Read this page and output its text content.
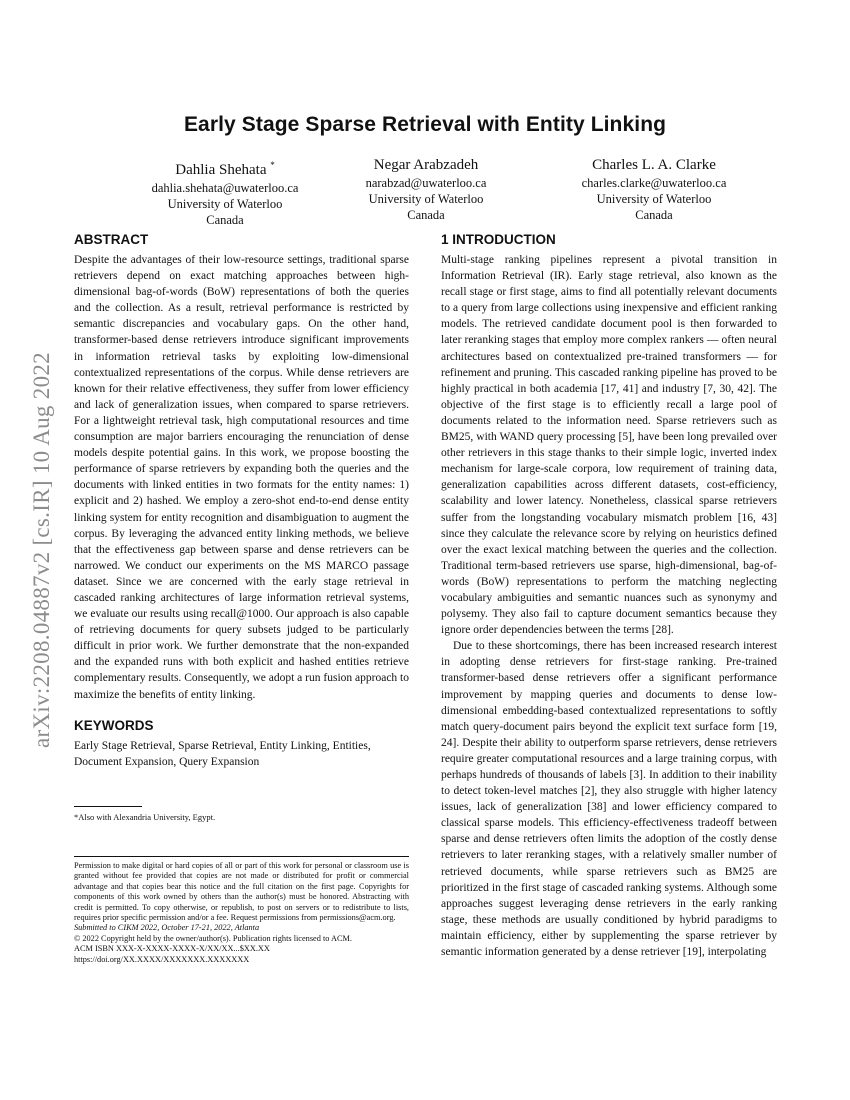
arXiv:2208.04887v2 [cs.IR] 10 Aug 2022
Early Stage Sparse Retrieval with Entity Linking
Dahlia Shehata *
dahlia.shehata@uwaterloo.ca
University of Waterloo
Canada
Negar Arabzadeh
narabzad@uwaterloo.ca
University of Waterloo
Canada
Charles L. A. Clarke
charles.clarke@uwaterloo.ca
University of Waterloo
Canada
ABSTRACT

Despite the advantages of their low-resource settings, traditional sparse retrievers depend on exact matching approaches between high-dimensional bag-of-words (BoW) representations of both the queries and the collection. As a result, retrieval performance is restricted by semantic discrepancies and vocabulary gaps. On the other hand, transformer-based dense retrievers introduce significant improvements in information retrieval tasks by exploiting low-dimensional contextualized representations of the corpus. While dense retrievers are known for their relative effectiveness, they suffer from lower efficiency and lack of generalization issues, when compared to sparse retrievers. For a lightweight retrieval task, high computational resources and time consumption are major barriers encouraging the renunciation of dense models despite potential gains. In this work, we propose boosting the performance of sparse retrievers by expanding both the queries and the documents with linked entities in two formats for the entity names: 1) explicit and 2) hashed. We employ a zero-shot end-to-end dense entity linking system for entity recognition and disambiguation to augment the corpus. By leveraging the advanced entity linking methods, we believe that the effectiveness gap between sparse and dense retrievers can be narrowed. We conduct our experiments on the MS MARCO passage dataset. Since we are concerned with the early stage retrieval in cascaded ranking architectures of large information retrieval systems, we evaluate our results using recall@1000. Our approach is also capable of retrieving documents for query subsets judged to be particularly difficult in prior work. We further demonstrate that the non-expanded and the expanded runs with both explicit and hashed entities retrieve complementary results. Consequently, we adopt a run fusion approach to maximize the benefits of entity linking.

KEYWORDS

Early Stage Retrieval, Sparse Retrieval, Entity Linking, Entities, Document Expansion, Query Expansion

*Also with Alexandria University, Egypt.

Permission to make digital or hard copies of all or part of this work for personal or classroom use is granted without fee provided that copies are not made or distributed for profit or commercial advantage and that copies bear this notice and the full citation on the first page. Copyrights for components of this work owned by others than the author(s) must be honored. Abstracting with credit is permitted. To copy otherwise, or republish, to post on servers or to redistribute to lists, requires prior specific permission and/or a fee. Request permissions from permissions@acm.org.

Submitted to CIKM 2022, October 17-21, 2022, Atlanta

© 2022 Copyright held by the owner/author(s). Publication rights licensed to ACM.

ACM ISBN XXX-X-XXXX-XXXX-X/XX/XX...$XX.XX

https://doi.org/XX.XXXX/XXXXXXX.XXXXXXX

1 INTRODUCTION

Multi-stage ranking pipelines represent a pivotal transition in Information Retrieval (IR). Early stage retrieval, also known as the recall stage or first stage, aims to find all potentially relevant documents to a query from large collections using inexpensive and efficient ranking models. The retrieved candidate document pool is then forwarded to later reranking stages that employ more complex rankers — often neural architectures based on contextualized pre-trained transformers — for refinement and pruning. This cascaded ranking pipeline has proved to be highly practical in both academia [17, 41] and industry [7, 30, 42]. The objective of the first stage is to efficiently recall a large pool of documents related to the information need. Sparse retrievers such as BM25, with WAND query processing [5], have been long prevailed over other retrievers in this stage thanks to their simple logic, inverted index mechanism for large-scale corpora, low requirement of training data, generalization capabilities across different datasets, cost-efficiency, scalability and lower latency. Nonetheless, classical sparse retrievers suffer from the longstanding vocabulary mismatch problem [16, 43] since they calculate the relevance score by relying on heuristics defined over the exact lexical matching between the queries and the collection. Traditional term-based retrievers use sparse, high-dimensional, bag-of-words (BoW) representations to perform the matching neglecting vocabulary ambiguities and semantic nuances such as synonymy and polysemy. They also fail to capture document semantics because they ignore order dependencies between the terms [28].

Due to these shortcomings, there has been increased research interest in adopting dense retrievers for first-stage ranking. Pre-trained transformer-based dense retrievers offer a significant performance improvement by mapping queries and documents to dense low-dimensional embedding-based contextualized representations to softly match query-document pairs beyond the explicit text surface form [19, 24]. Despite their ability to outperform sparse retrievers, dense retrievers require greater computational resources and a large training corpus, with perhaps hundreds of thousands of labels [3]. In addition to their inability to detect token-level matches [2], they also struggle with higher latency issues, lack of generalization [38] and lower efficiency compared to classical sparse models. This efficiency-effectiveness tradeoff between sparse and dense retrievers often limits the adoption of the costly dense retrievers to later reranking stages, with a relatively smaller number of retrieved documents, while sparse retrievers such as BM25 are prioritized in the first stage of cascaded ranking systems. Although some approaches suggest leveraging dense retrievers in the early ranking stage, these methods are usually conditioned by hybrid paradigms to maintain efficiency, either by supplementing the sparse retriever by semantic information generated by a dense retriever [19], interpolating
